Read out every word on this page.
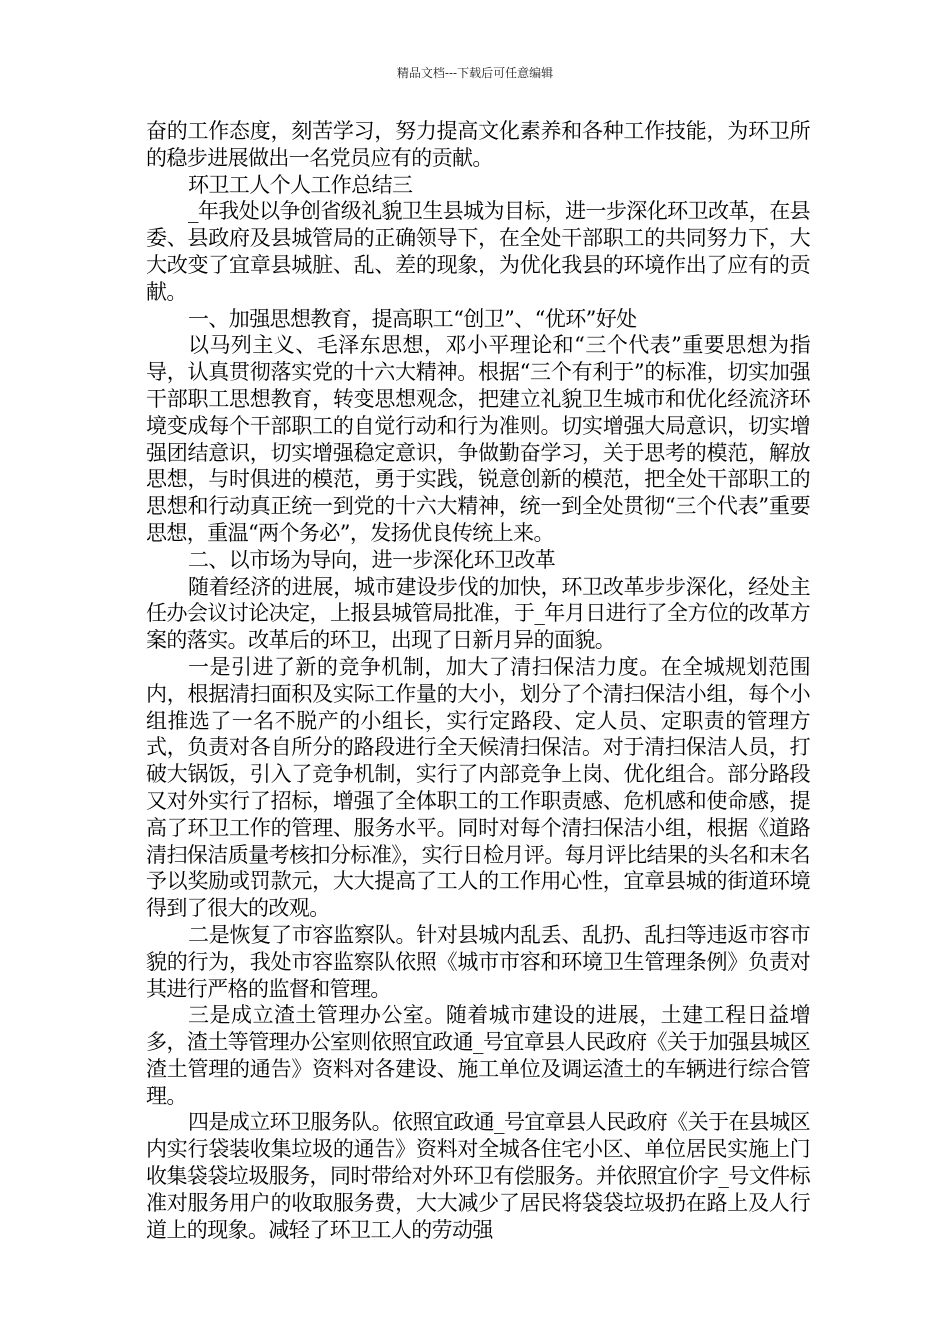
精品文档---下载后可任意编辑

奋的工作态度，刻苦学习，努力提高文化素养和各种工作技能，为环卫所的稳步进展做出一名党员应有的贡献。

环卫工人个人工作总结三

_年我处以争创省级礼貌卫生县城为目标，进一步深化环卫改革，在县委、县政府及县城管局的正确领导下，在全处干部职工的共同努力下，大大改变了宜章县城脏、乱、差的现象，为优化我县的环境作出了应有的贡献。

一、加强思想教育，提高职工“创卫”、“优环”好处

以马列主义、毛泽东思想，邓小平理论和“三个代表”重要思想为指导，认真贯彻落实党的十六大精神。根据“三个有利于”的标准，切实加强干部职工思想教育，转变思想观念，把建立礼貌卫生城市和优化经流济环境变成每个干部职工的自觉行动和行为准则。切实增强大局意识，切实增强团结意识，切实增强稳定意识，争做勤奋学习，关于思考的模范，解放思想，与时俱进的模范，勇于实践，锐意创新的模范，把全处干部职工的思想和行动真正统一到党的十六大精神，统一到全处贯彻“三个代表”重要思想，重温“两个务必”，发扬优良传统上来。

二、以市场为导向，进一步深化环卫改革

随着经济的进展，城市建设步伐的加快，环卫改革步步深化，经处主任办会议讨论决定，上报县城管局批准，于_年月日进行了全方位的改革方案的落实。改革后的环卫，出现了日新月异的面貌。

一是引进了新的竞争机制，加大了清扫保洁力度。在全城规划范围内，根据清扫面积及实际工作量的大小，划分了个清扫保洁小组，每个小组推选了一名不脱产的小组长，实行定路段、定人员、定职责的管理方式，负责对各自所分的路段进行全天候清扫保洁。对于清扫保洁人员，打破大锅饭，引入了竞争机制，实行了内部竞争上岗、优化组合。部分路段又对外实行了招标，增强了全体职工的工作职责感、危机感和使命感，提高了环卫工作的管理、服务水平。同时对每个清扫保洁小组，根据《道路清扫保洁质量考核扣分标准》，实行日检月评。每月评比结果的头名和末名予以奖励或罚款元，大大提高了工人的工作用心性，宜章县城的街道环境得到了很大的改观。

二是恢复了市容监察队。针对县城内乱丢、乱扔、乱扫等违返市容市貌的行为，我处市容监察队依照《城市市容和环境卫生管理条例》负责对其进行严格的监督和管理。

三是成立渣土管理办公室。随着城市建设的进展，土建工程日益增多，渣土等管理办公室则依照宜政通_号宜章县人民政府《关于加强县城区渣土管理的通告》资料对各建设、施工单位及调运渣土的车辆进行综合管理。

四是成立环卫服务队。依照宜政通_号宜章县人民政府《关于在县城区内实行袋装收集垃圾的通告》资料对全城各住宅小区、单位居民实施上门收集袋袋垃圾服务，同时带给对外环卫有偿服务。并依照宜价字_号文件标准对服务用户的收取服务费，大大减少了居民将袋袋垃圾扔在路上及人行道上的现象。减轻了环卫工人的劳动强
